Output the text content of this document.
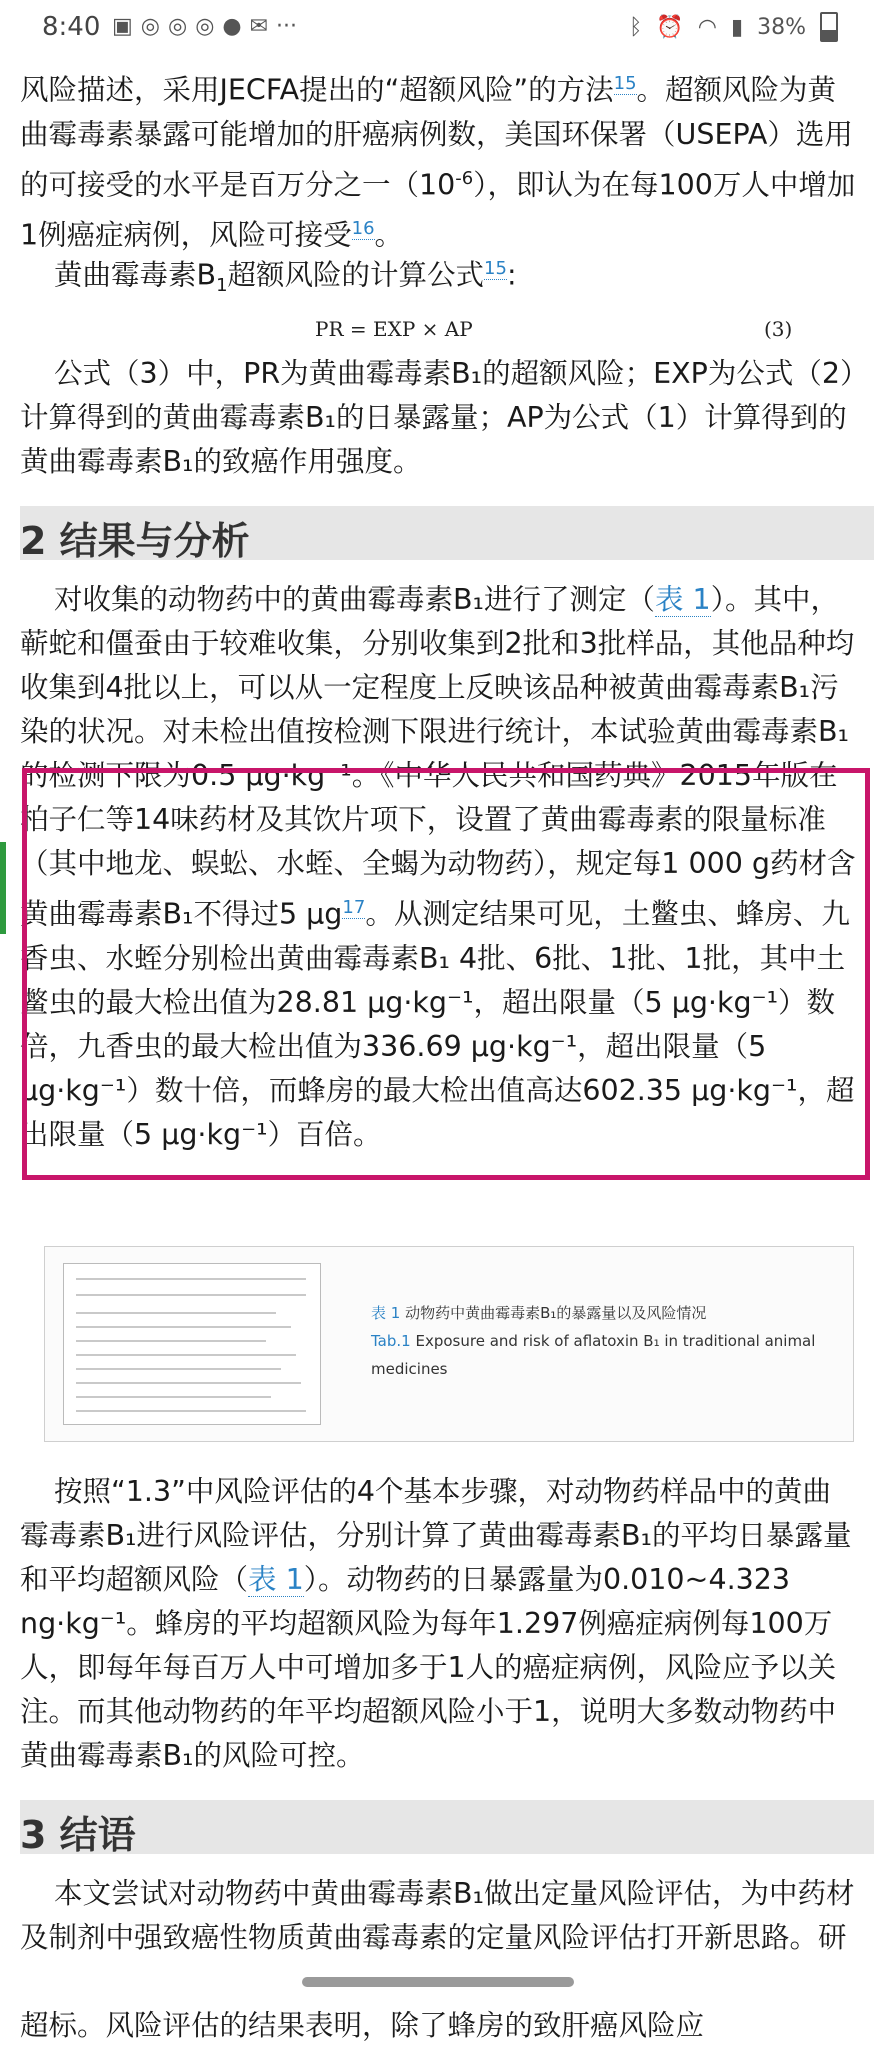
8:40 ▣ ◎ ◎ ◎ ● ✉ ···	ᛒ ⏰ ◠ ▮ 38%

风险描述，采用JECFA提出的“超额风险”的方法$^{15}$。超额风险为黄曲霉毒素暴露可能增加的肝癌病例数，美国环保署（USEPA）选用的可接受的水平是百万分之一$(10^{-6})$，即认为在每100万人中增加1例癌症病例，风险可接受$^{16}$。

黄曲霉毒素$B_1$超额风险的计算公式$^{15}$:

PR = EXP × AP	(3)

公式（3）中，PR为黄曲霉毒素B₁的超额风险；EXP为公式（2）计算得到的黄曲霉毒素B₁的日暴露量；AP为公式（1）计算得到的黄曲霉毒素B₁的致癌作用强度。

2 结果与分析

对收集的动物药中的黄曲霉毒素B₁进行了测定（表 1）。其中，蕲蛇和僵蚕由于较难收集，分别收集到2批和3批样品，其他品种均收集到4批以上，可以从一定程度上反映该品种被黄曲霉毒素B₁污染的状况。对未检出值按检测下限进行统计，本试验黄曲霉毒素B₁的检测下限为0.5 μg·kg⁻¹。《中华人民共和国药典》2015年版在柏子仁等14味药材及其饮片项下，设置了黄曲霉毒素的限量标准（其中地龙、蜈蚣、水蛭、全蝎为动物药），规定每1 000 g药材含黄曲霉毒素B₁不得过5 $\mu g^{17}$。从测定结果可见，土鳖虫、蜂房、九香虫、水蛭分别检出黄曲霉毒素B₁ 4批、6批、1批、1批，其中土鳖虫的最大检出值为28.81 μg·kg⁻¹，超出限量（5 μg·kg⁻¹）数倍，九香虫的最大检出值为336.69 μg·kg⁻¹，超出限量（5 μg·kg⁻¹）数十倍，而蜂房的最大检出值高达602.35 μg·kg⁻¹，超出限量（5 μg·kg⁻¹）百倍。

表 1 动物药中黄曲霉毒素B₁的暴露量以及风险情况
Tab.1 Exposure and risk of aflatoxin B₁ in traditional animal medicines

按照“1.3”中风险评估的4个基本步骤，对动物药样品中的黄曲霉毒素B₁进行风险评估，分别计算了黄曲霉毒素B₁的平均日暴露量和平均超额风险（表 1）。动物药的日暴露量为0.010~4.323 ng·kg⁻¹。蜂房的平均超额风险为每年1.297例癌症病例每100万人，即每年每百万人中可增加多于1人的癌症病例，风险应予以关注。而其他动物药的年平均超额风险小于1，说明大多数动物药中黄曲霉毒素B₁的风险可控。

3 结语

本文尝试对动物药中黄曲霉毒素B₁做出定量风险评估，为中药材及制剂中强致癌性物质黄曲霉毒素的定量风险评估打开新思路。研 超标。风险评估的结果表明，除了蜂房的致肝癌风险应
